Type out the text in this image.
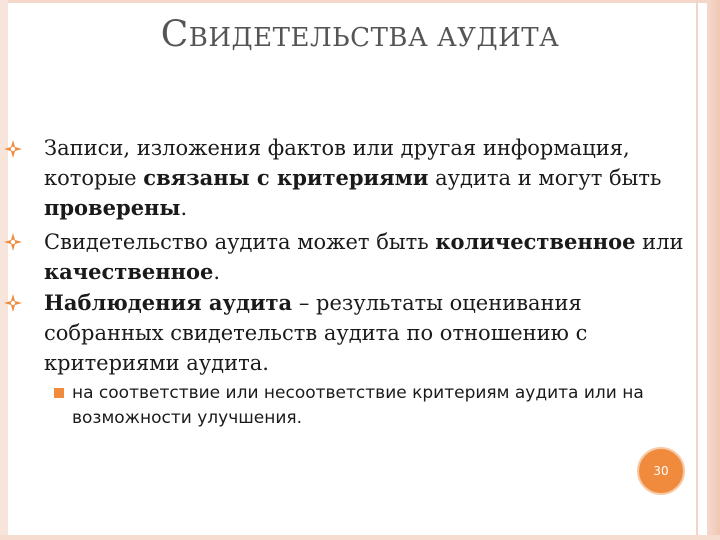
СВИДЕТЕЛЬСТВА АУДИТА
Записи, изложения фактов или другая информация, которые связаны с критериями аудита и могут быть проверены.
Свидетельство аудита может быть количественное или качественное.
Наблюдения аудита – результаты оценивания собранных свидетельств аудита по отношению с критериями аудита.
на соответствие или несоответствие критериям аудита или на возможности улучшения.
30
